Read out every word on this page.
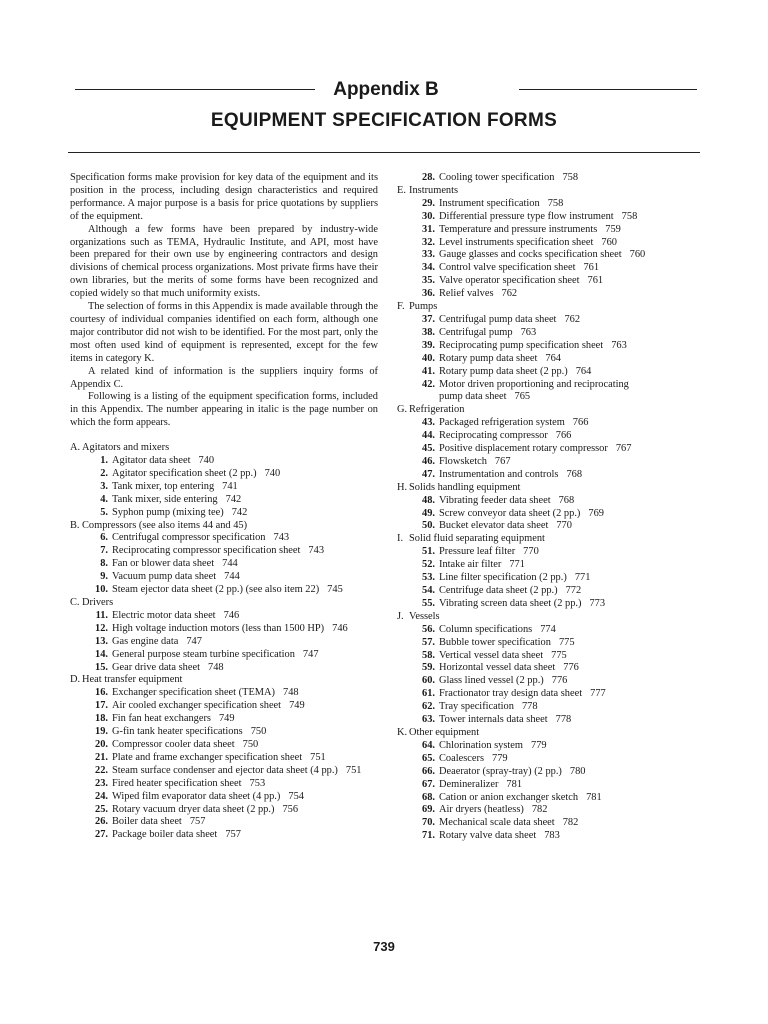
Appendix B
EQUIPMENT SPECIFICATION FORMS

Specification forms make provision for key data of the equipment and its position in the process, including design characteristics and required performance. A major purpose is a basis for price quotations by suppliers of the equipment.

Although a few forms have been prepared by industry-wide organizations such as TEMA, Hydraulic Institute, and API, most have been prepared for their own use by engineering contractors and design divisions of chemical process organizations. Most private firms have their own libraries, but the merits of some forms have been recognized and copied widely so that much uniformity exists.

The selection of forms in this Appendix is made available through the courtesy of individual companies identified on each form, although one major contributor did not wish to be identified. For the most part, only the most often used kind of equipment is represented, except for the few items in category K.

A related kind of information is the suppliers inquiry forms of Appendix C.

Following is a listing of the equipment specification forms, included in this Appendix. The number appearing in italic is the page number on which the form appears.

A. Agitators and mixers
1. Agitator data sheet 740
2. Agitator specification sheet (2 pp.) 740
3. Tank mixer, top entering 741
4. Tank mixer, side entering 742
5. Syphon pump (mixing tee) 742
B. Compressors (see also items 44 and 45)
6. Centrifugal compressor specification 743
7. Reciprocating compressor specification sheet 743
8. Fan or blower data sheet 744
9. Vacuum pump data sheet 744
10. Steam ejector data sheet (2 pp.) (see also item 22) 745
C. Drivers
11. Electric motor data sheet 746
12. High voltage induction motors (less than 1500 HP) 746
13. Gas engine data 747
14. General purpose steam turbine specification 747
15. Gear drive data sheet 748
D. Heat transfer equipment
16. Exchanger specification sheet (TEMA) 748
17. Air cooled exchanger specification sheet 749
18. Fin fan heat exchangers 749
19. G-fin tank heater specifications 750
20. Compressor cooler data sheet 750
21. Plate and frame exchanger specification sheet 751
22. Steam surface condenser and ejector data sheet (4 pp.) 751
23. Fired heater specification sheet 753
24. Wiped film evaporator data sheet (4 pp.) 754
25. Rotary vacuum dryer data sheet (2 pp.) 756
26. Boiler data sheet 757
27. Package boiler data sheet 757
28. Cooling tower specification 758
E. Instruments
29. Instrument specification 758
30. Differential pressure type flow instrument 758
31. Temperature and pressure instruments 759
32. Level instruments specification sheet 760
33. Gauge glasses and cocks specification sheet 760
34. Control valve specification sheet 761
35. Valve operator specification sheet 761
36. Relief valves 762
F. Pumps
37. Centrifugal pump data sheet 762
38. Centrifugal pump 763
39. Reciprocating pump specification sheet 763
40. Rotary pump data sheet 764
41. Rotary pump data sheet (2 pp.) 764
42. Motor driven proportioning and reciprocating
pump data sheet 765
G. Refrigeration
43. Packaged refrigeration system 766
44. Reciprocating compressor 766
45. Positive displacement rotary compressor 767
46. Flowsketch 767
47. Instrumentation and controls 768
H. Solids handling equipment
48. Vibrating feeder data sheet 768
49. Screw conveyor data sheet (2 pp.) 769
50. Bucket elevator data sheet 770
I. Solid fluid separating equipment
51. Pressure leaf filter 770
52. Intake air filter 771
53. Line filter specification (2 pp.) 771
54. Centrifuge data sheet (2 pp.) 772
55. Vibrating screen data sheet (2 pp.) 773
J. Vessels
56. Column specifications 774
57. Bubble tower specification 775
58. Vertical vessel data sheet 775
59. Horizontal vessel data sheet 776
60. Glass lined vessel (2 pp.) 776
61. Fractionator tray design data sheet 777
62. Tray specification 778
63. Tower internals data sheet 778
K. Other equipment
64. Chlorination system 779
65. Coalescers 779
66. Deaerator (spray-tray) (2 pp.) 780
67. Demineralizer 781
68. Cation or anion exchanger sketch 781
69. Air dryers (heatless) 782
70. Mechanical scale data sheet 782
71. Rotary valve data sheet 783
739
